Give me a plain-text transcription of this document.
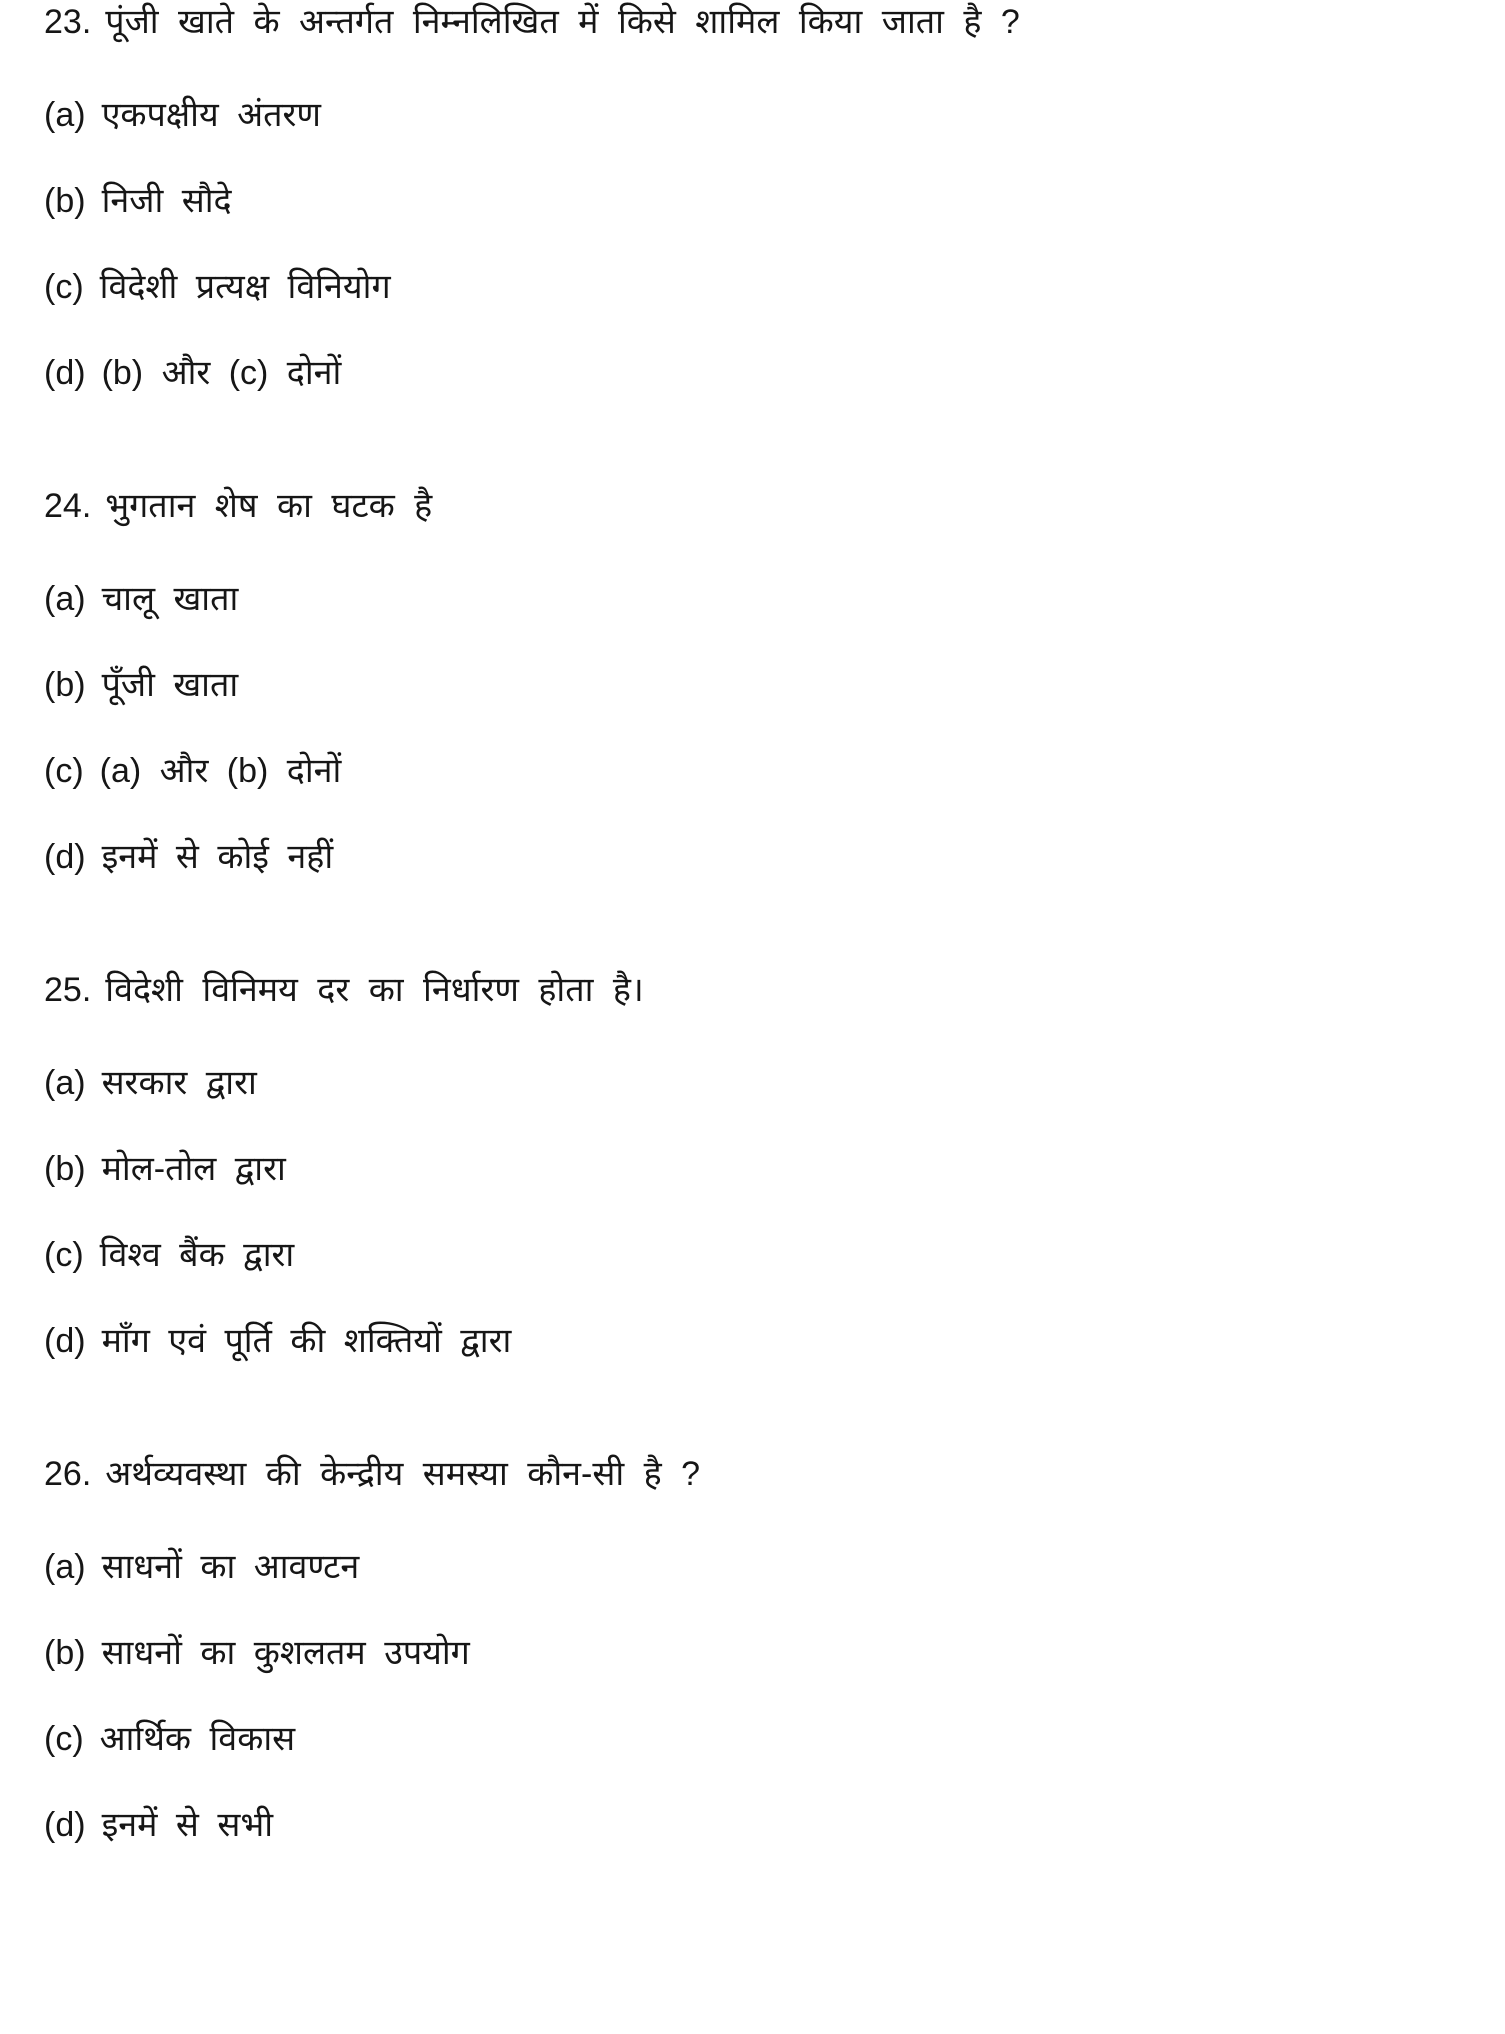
23. पूंजी खाते के अन्तर्गत निम्नलिखित में किसे शामिल किया जाता है ?

(a) एकपक्षीय अंतरण

(b) निजी सौदे

(c) विदेशी प्रत्यक्ष विनियोग

(d) (b) और (c) दोनों

24. भुगतान शेष का घटक है

(a) चालू खाता

(b) पूँजी खाता

(c) (a) और (b) दोनों

(d) इनमें से कोई नहीं

25. विदेशी विनिमय दर का निर्धारण होता है।

(a) सरकार द्वारा

(b) मोल-तोल द्वारा

(c) विश्व बैंक द्वारा

(d) माँग एवं पूर्ति की शक्तियों द्वारा

26. अर्थव्यवस्था की केन्द्रीय समस्या कौन-सी है ?

(a) साधनों का आवण्टन

(b) साधनों का कुशलतम उपयोग

(c) आर्थिक विकास

(d) इनमें से सभी
